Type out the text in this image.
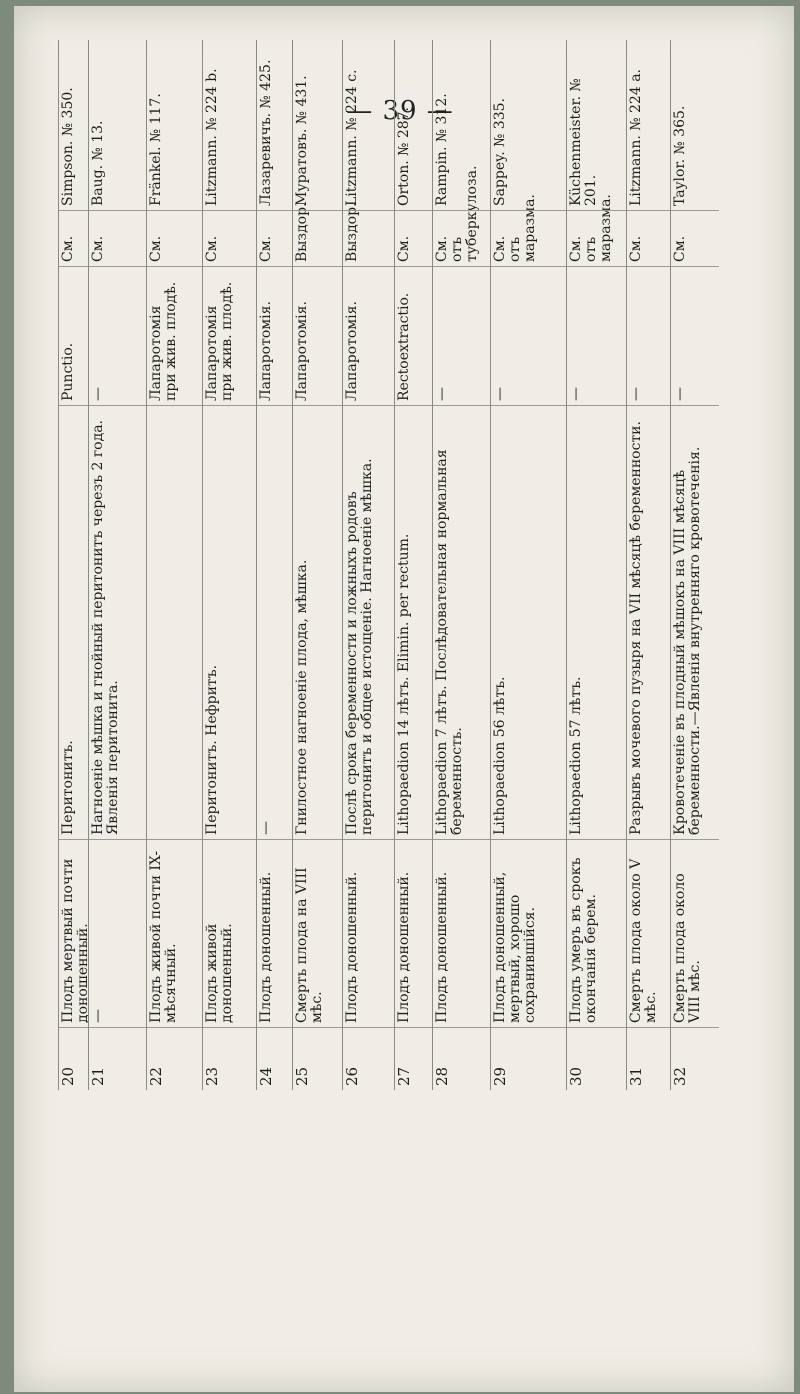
— 39 —
20
Плодъ мертвый почти доношенный.
Перитонитъ.
Punctio.
См.
Simpson. № 350.
21
—
Нагноеніе мѣшка и гнойный перитонитъ черезъ 2 года.
Явленія перитонита.
—
См.
Baug. № 13.
22
Плодъ живой почти IX-мѣсячный.
Лапаротомія при жив. плодѣ.
См.
Fränkel. № 117.
23
Плодъ живой доношенный.
Перитонитъ. Нефритъ.
Лапаротомія при жив. плодѣ.
См.
Litzmann. № 224 b.
24
Плодъ доношенный.
—
Лапаротомія.
См.
Лазаревичъ. № 425.
25
Смерть плода на VIII мѣс.
Гнилостное нагноеніе плода, мѣшка.
Лапаротомія.
Выздор.
Муратовъ. № 431.
26
Плодъ доношенный.
Послѣ срока беременности и ложныхъ родовъ перитонитъ и общее истощеніе. Нагноеніе мѣшка.
Лапаротомія.
Выздор.
Litzmann. № 224 c.
27
Плодъ доношенный.
Lithopaedion 14 лѣтъ. Elimin. per rectum.
Rectoextractio.
См.
Orton. № 287.
28
Плодъ доношенный.
Lithopaedion 7 лѣтъ. Послѣдовательная нормальная беременность.
—
См. отъ туберкулоза.
Rampin. № 312.
29
Плодъ доношенный, мертвый, хорошо сохранившійся.
Lithopaedion 56 лѣтъ.
—
См. отъ маразма.
Sappey. № 335.
30
Плодъ умеръ въ срокъ окончанія берем.
Lithopaedion 57 лѣтъ.
—
См. отъ маразма.
Küchenmeister. № 201.
31
Смерть плода около V мѣс.
Разрывъ мочевого пузыря на VII мѣсяцѣ беременности.
—
См.
Litzmann. № 224 a.
32
Смерть плода около VIII мѣс.
Кровотеченіе въ плодный мѣшокъ на VIII мѣсяцѣ беременности.—Явленія внутренняго кровотеченія.
—
См.
Taylor. № 365.
